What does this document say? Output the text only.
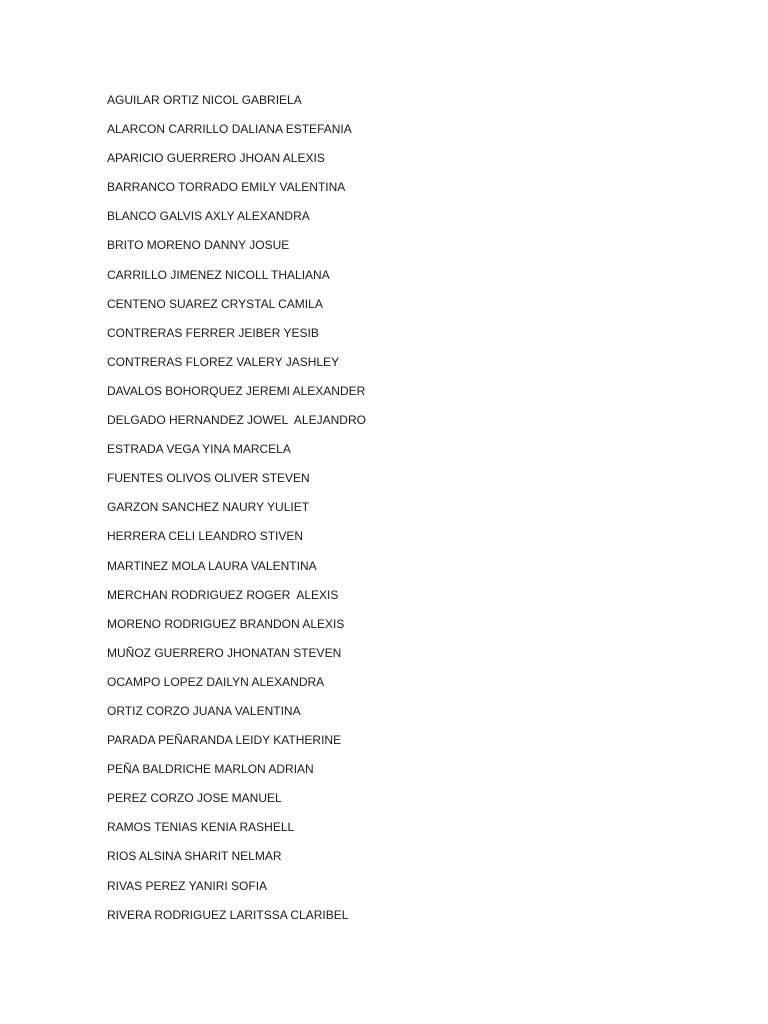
AGUILAR ORTIZ NICOL GABRIELA
ALARCON CARRILLO DALIANA ESTEFANIA
APARICIO GUERRERO JHOAN ALEXIS
BARRANCO TORRADO EMILY VALENTINA
BLANCO GALVIS AXLY ALEXANDRA
BRITO MORENO DANNY JOSUE
CARRILLO JIMENEZ NICOLL THALIANA
CENTENO SUAREZ CRYSTAL CAMILA
CONTRERAS FERRER JEIBER YESIB
CONTRERAS FLOREZ VALERY JASHLEY
DAVALOS BOHORQUEZ JEREMI ALEXANDER
DELGADO HERNANDEZ JOWEL  ALEJANDRO
ESTRADA VEGA YINA MARCELA
FUENTES OLIVOS OLIVER STEVEN
GARZON SANCHEZ NAURY YULIET
HERRERA CELI LEANDRO STIVEN
MARTINEZ MOLA LAURA VALENTINA
MERCHAN RODRIGUEZ ROGER  ALEXIS
MORENO RODRIGUEZ BRANDON ALEXIS
MUÑOZ GUERRERO JHONATAN STEVEN
OCAMPO LOPEZ DAILYN ALEXANDRA
ORTIZ CORZO JUANA VALENTINA
PARADA PEÑARANDA LEIDY KATHERINE
PEÑA BALDRICHE MARLON ADRIAN
PEREZ CORZO JOSE MANUEL
RAMOS TENIAS KENIA RASHELL
RIOS ALSINA SHARIT NELMAR
RIVAS PEREZ YANIRI SOFIA
RIVERA RODRIGUEZ LARITSSA CLARIBEL
